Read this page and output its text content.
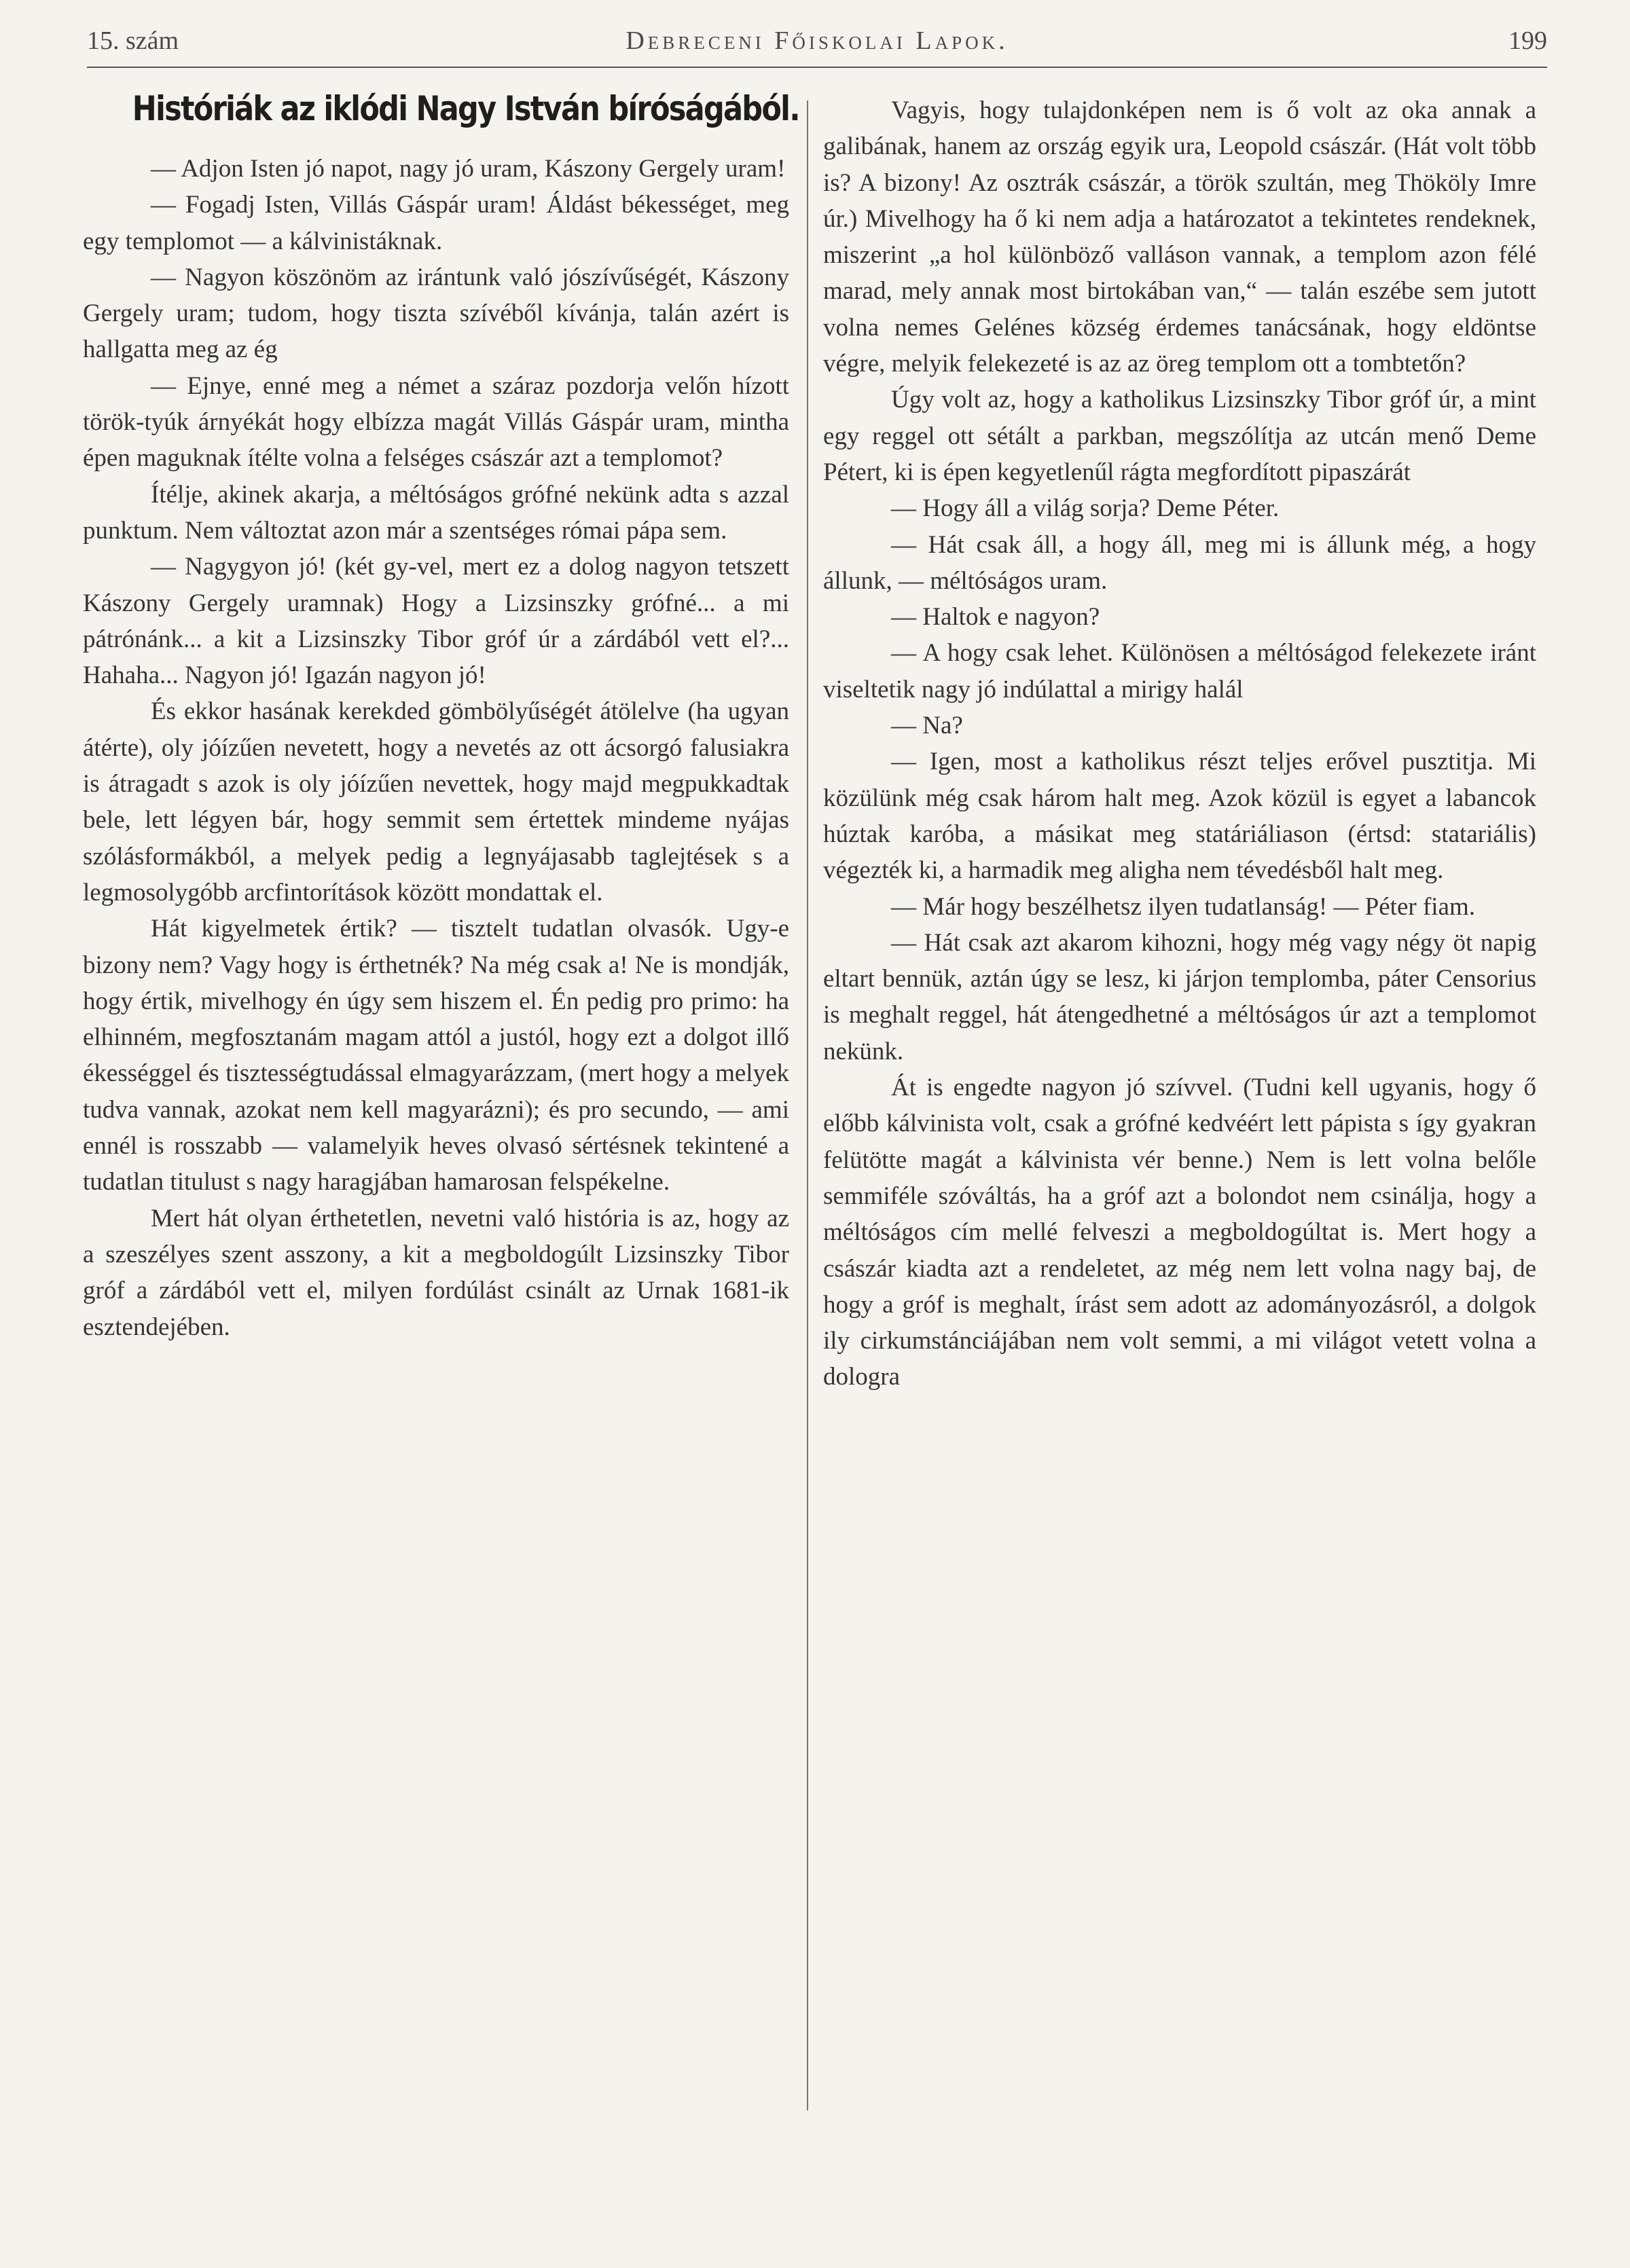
15. szám	Debreceni Főiskolai Lapok.	199
Históriák az iklódi Nagy István bíróságából.

— Adjon Isten jó napot, nagy jó uram, Kászony Gergely uram!

— Fogadj Isten, Villás Gáspár uram! Áldást békességet, meg egy templomot — a kálvinistáknak.

— Nagyon köszönöm az irántunk való jószívűségét, Kászony Gergely uram; tudom, hogy tiszta szívéből kívánja, talán azért is hallgatta meg az ég

— Ejnye, enné meg a német a száraz pozdorja velőn hízott török-tyúk árnyékát hogy elbízza magát Villás Gáspár uram, mintha épen maguknak ítélte volna a felséges császár azt a templomot?

Ítélje, akinek akarja, a méltóságos grófné nekünk adta s azzal punktum. Nem változtat azon már a szentséges római pápa sem.

— Nagygyon jó! (két gy-vel, mert ez a dolog nagyon tetszett Kászony Gergely uramnak) Hogy a Lizsinszky grófné... a mi pátrónánk... a kit a Lizsinszky Tibor gróf úr a zárdából vett el?... Hahaha... Nagyon jó! Igazán nagyon jó!

És ekkor hasának kerekded gömbölyűségét átölelve (ha ugyan átérte), oly jóízűen nevetett, hogy a nevetés az ott ácsorgó falusiakra is átragadt s azok is oly jóízűen nevettek, hogy majd megpukkadtak bele, lett légyen bár, hogy semmit sem értettek mindeme nyájas szólásformákból, a melyek pedig a legnyájasabb taglejtések s a legmosolygóbb arcfintorítások között mondattak el.

Hát kigyelmetek értik? — tisztelt tudatlan olvasók. Ugy-e bizony nem? Vagy hogy is érthetnék? Na még csak a! Ne is mondják, hogy értik, mivelhogy én úgy sem hiszem el. Én pedig pro primo: ha elhinném, megfosztanám magam attól a justól, hogy ezt a dolgot illő ékességgel és tisztességtudással elmagyarázzam, (mert hogy a melyek tudva vannak, azokat nem kell magyarázni); és pro secundo, — ami ennél is rosszabb — valamelyik heves olvasó sértésnek tekintené a tudatlan titulust s nagy haragjában hamarosan felspékelne.

Mert hát olyan érthetetlen, nevetni való história is az, hogy az a szeszélyes szent asszony, a kit a megboldogúlt Lizsinszky Tibor gróf a zárdából vett el, milyen fordúlást csinált az Urnak 1681-ik esztendejében.

Vagyis, hogy tulajdonképen nem is ő volt az oka annak a galibának, hanem az ország egyik ura, Leopold császár. (Hát volt több is? A bizony! Az osztrák császár, a török szultán, meg Thököly Imre úr.) Mivelhogy ha ő ki nem adja a határozatot a tekintetes rendeknek, miszerint „a hol különböző valláson vannak, a templom azon félé marad, mely annak most birtokában van,“ — talán eszébe sem jutott volna nemes Gelénes község érdemes tanácsának, hogy eldöntse végre, melyik felekezeté is az az öreg templom ott a tombtetőn?

Úgy volt az, hogy a katholikus Lizsinszky Tibor gróf úr, a mint egy reggel ott sétált a parkban, megszólítja az utcán menő Deme Pétert, ki is épen kegyetlenűl rágta megfordított pipaszárát

— Hogy áll a világ sorja? Deme Péter.

— Hát csak áll, a hogy áll, meg mi is állunk még, a hogy állunk, — méltóságos uram.

— Haltok e nagyon?

— A hogy csak lehet. Különösen a méltóságod felekezete iránt viseltetik nagy jó indúlattal a mirigy halál

— Na?

— Igen, most a katholikus részt teljes erővel pusztitja. Mi közülünk még csak három halt meg. Azok közül is egyet a labancok húztak karóba, a másikat meg statáriáliason (értsd: statariális) végezték ki, a harmadik meg aligha nem tévedésből halt meg.

— Már hogy beszélhetsz ilyen tudatlanság! — Péter fiam.

— Hát csak azt akarom kihozni, hogy még vagy négy öt napig eltart bennük, aztán úgy se lesz, ki járjon templomba, páter Censorius is meghalt reggel, hát átengedhetné a méltóságos úr azt a templomot nekünk.

Át is engedte nagyon jó szívvel. (Tudni kell ugyanis, hogy ő előbb kálvinista volt, csak a grófné kedvéért lett pápista s így gyakran felütötte magát a kálvinista vér benne.) Nem is lett volna belőle semmiféle szóváltás, ha a gróf azt a bolondot nem csinálja, hogy a méltóságos cím mellé felveszi a megboldogúltat is. Mert hogy a császár kiadta azt a rendeletet, az még nem lett volna nagy baj, de hogy a gróf is meghalt, írást sem adott az adományozásról, a dolgok ily cirkumstánciájában nem volt semmi, a mi világot vetett volna a dologra
